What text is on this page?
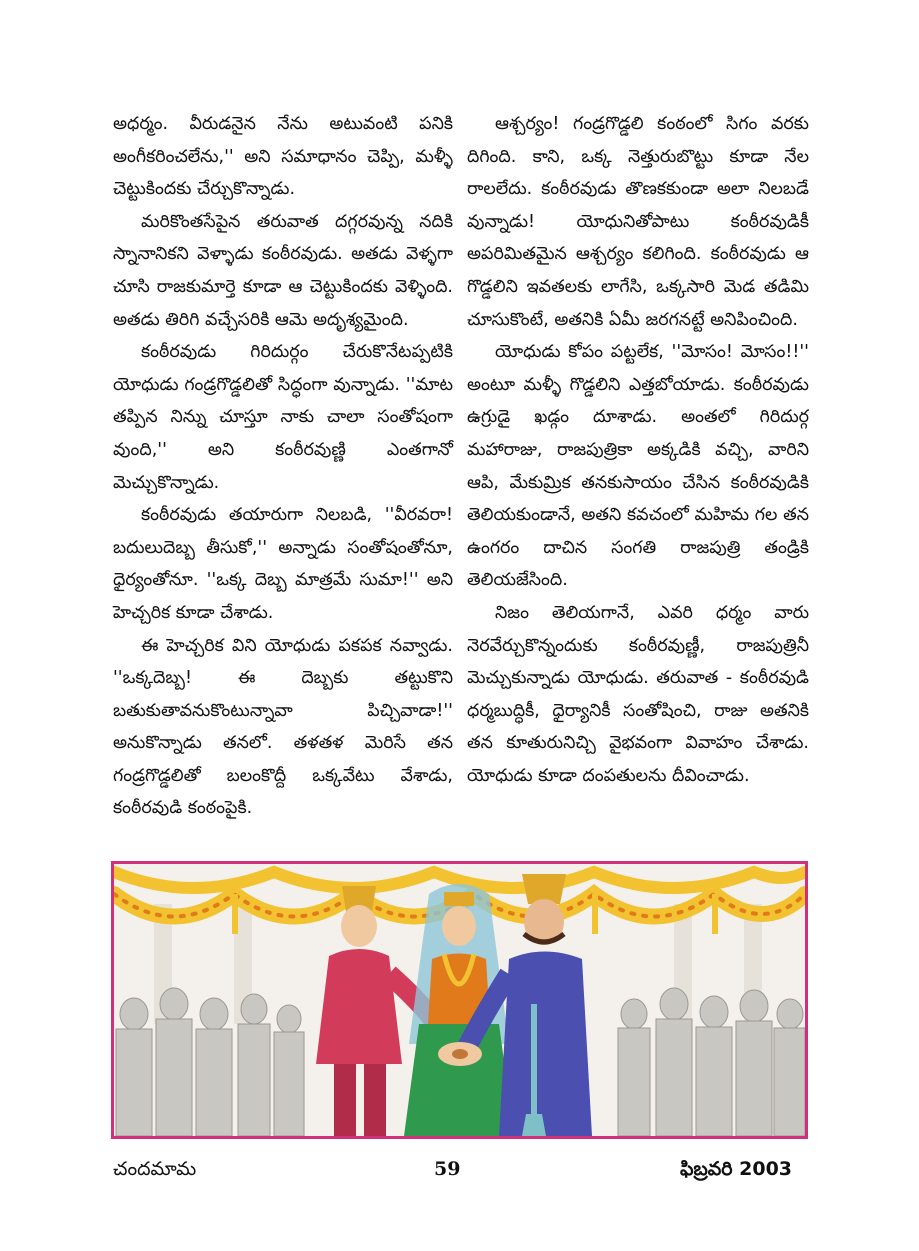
అధర్మం. వీరుడనైన నేను అటువంటి పనికి అంగీకరించలేను,'' అని సమాధానం చెప్పి, మళ్ళీ చెట్టుకిందకు చేర్చుకొన్నాడు.

మరికొంతసేపైన తరువాత దగ్గరవున్న నదికి స్నానానికని వెళ్ళాడు కంఠీరవుడు. అతడు వెళ్ళగా చూసి రాజకుమార్తె కూడా ఆ చెట్టుకిందకు వెళ్ళింది. అతడు తిరిగి వచ్చేసరికి ఆమె అదృశ్యమైంది.

కంఠీరవుడు గిరిదుర్గం చేరుకొనేటప్పటికి యోధుడు గండ్రగొడ్డలితో సిద్ధంగా వున్నాడు. ''మాట తప్పిన నిన్ను చూస్తూ నాకు చాలా సంతోషంగా వుంది,'' అని కంఠీరవుణ్ణి ఎంతగానో మెచ్చుకొన్నాడు.

కంఠీరవుడు తయారుగా నిలబడి, ''వీరవరా! బదులుదెబ్బ తీసుకో,'' అన్నాడు సంతోషంతోనూ, ధైర్యంతోనూ. ''ఒక్క దెబ్బ మాత్రమే సుమా!'' అని హెచ్చరిక కూడా చేశాడు.

ఈ హెచ్చరిక విని యోధుడు పకపక నవ్వాడు. ''ఒక్కదెబ్బ! ఈ దెబ్బకు తట్టుకొని బతుకుతావనుకొంటున్నావా పిచ్చివాడా!'' అనుకొన్నాడు తనలో. తళతళ మెరిసే తన గండ్రగొడ్డలితో బలంకొద్దీ ఒక్కవేటు వేశాడు, కంఠీరవుడి కంఠంపైకి.

ఆశ్చర్యం! గండ్రగొడ్డలి కంఠంలో సిగం వరకు దిగింది. కాని, ఒక్క నెత్తురుబొట్టు కూడా నేల రాలలేదు. కంఠీరవుడు తొణకకుండా అలా నిలబడే వున్నాడు! యోధునితోపాటు కంఠీరవుడికీ అపరిమితమైన ఆశ్చర్యం కలిగింది. కంఠీరవుడు ఆ గొడ్డలిని ఇవతలకు లాగేసి, ఒక్కసారి మెడ తడిమి చూసుకొంటే, అతనికి ఏమీ జరగనట్టే అనిపించింది.

యోధుడు కోపం పట్టలేక, ''మోసం! మోసం!!'' అంటూ మళ్ళీ గొడ్డలిని ఎత్తబోయాడు. కంఠీరవుడు ఉగ్రుడై ఖడ్గం దూశాడు. అంతలో గిరిదుర్గ మహారాజు, రాజపుత్రికా అక్కడికి వచ్చి, వారిని ఆపి, మేకుమ్రిక తనకుసాయం చేసిన కంఠీరవుడికి తెలియకుండానే, అతని కవచంలో మహిమ గల తన ఉంగరం దాచిన సంగతి రాజపుత్రి తండ్రికి తెలియజేసింది.

నిజం తెలియగానే, ఎవరి ధర్మం వారు నెరవేర్చుకొన్నందుకు కంఠీరవుణ్ణీ, రాజపుత్రినీ మెచ్చుకున్నాడు యోధుడు. తరువాత - కంఠీరవుడి ధర్మబుద్ధికీ, ధైర్యానికీ సంతోషించి, రాజు అతనికి తన కూతురునిచ్చి వైభవంగా వివాహం చేశాడు. యోధుడు కూడా దంపతులను దీవించాడు.

చందమామ	59	ఫిబ్రవరి 2003
